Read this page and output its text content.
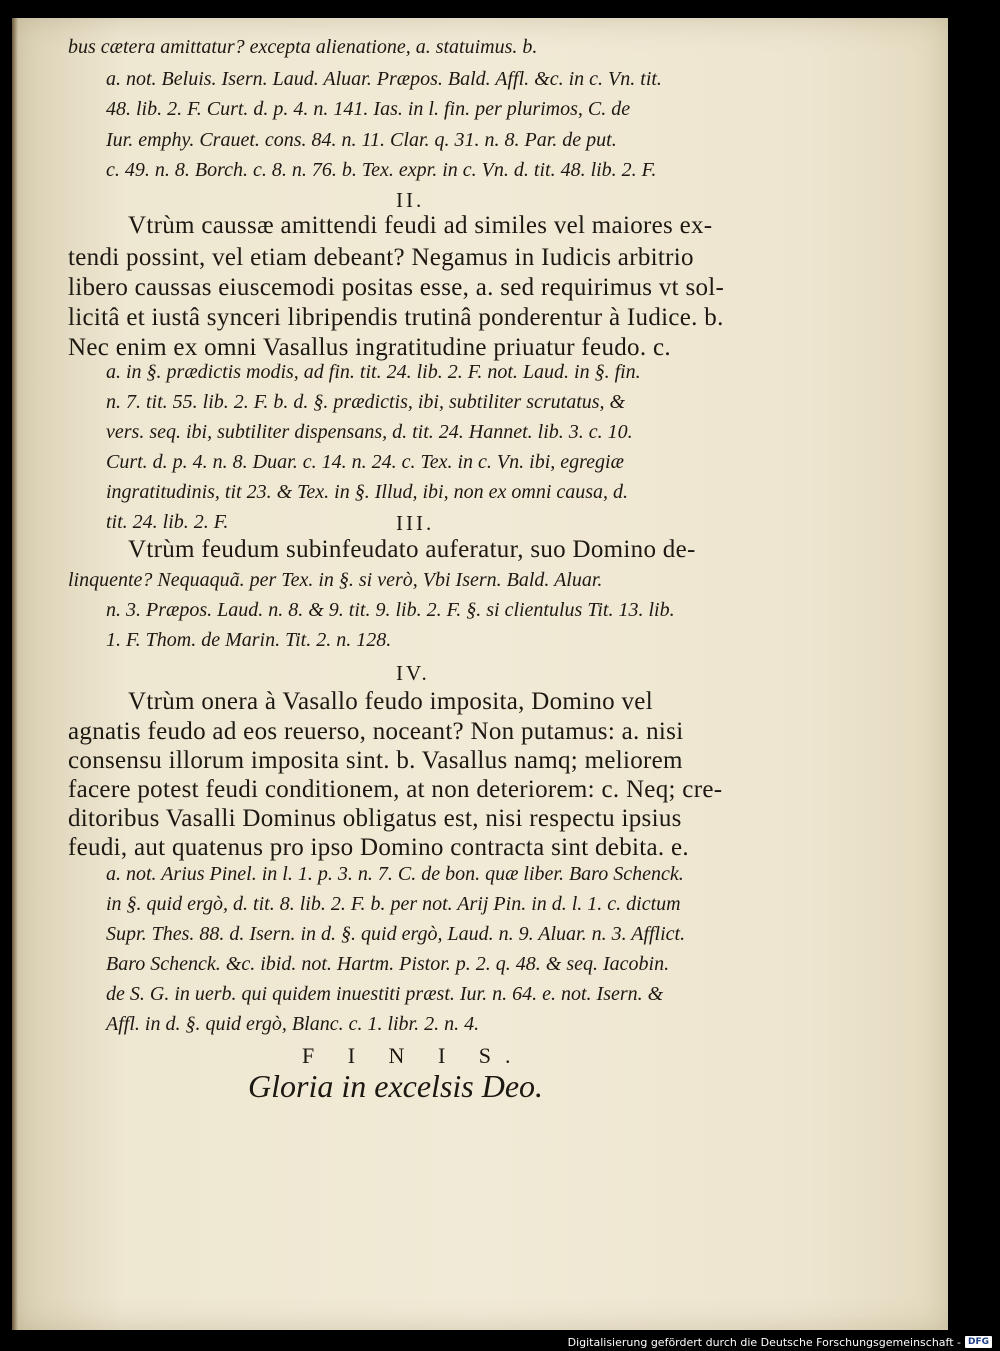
bus cætera amittatur? excepta alienatione, a. statuimus. b.
a. not. Beluis. Isern. Laud. Aluar. Præpos. Bald. Affl. &c. in c. Vn. tit.
48. lib. 2. F. Curt. d. p. 4. n. 141. Ias. in l. fin. per plurimos, C. de
Iur. emphy. Crauet. cons. 84. n. 11. Clar. q. 31. n. 8. Par. de put.
c. 49. n. 8. Borch. c. 8. n. 76. b. Tex. expr. in c. Vn. d. tit. 48. lib. 2. F.
II.
Vtrùm caussæ amittendi feudi ad similes vel maiores ex-
tendi possint, vel etiam debeant? Negamus in Iudicis arbitrio
libero caussas eiuscemodi positas esse, a. sed requirimus vt sol-
licitâ et iustâ synceri libripendis trutinâ ponderentur à Iudice. b.
Nec enim ex omni Vasallus ingratitudine priuatur feudo. c.
a. in §. prædictis modis, ad fin. tit. 24. lib. 2. F. not. Laud. in §. fin.
n. 7. tit. 55. lib. 2. F. b. d. §. prædictis, ibi, subtiliter scrutatus, &
vers. seq. ibi, subtiliter dispensans, d. tit. 24. Hannet. lib. 3. c. 10.
Curt. d. p. 4. n. 8. Duar. c. 14. n. 24. c. Tex. in c. Vn. ibi, egregiæ
ingratitudinis, tit 23. & Tex. in §. Illud, ibi, non ex omni causa, d.
tit. 24. lib. 2. F.	III.
Vtrùm feudum subinfeudato auferatur, suo Domino de-
linquente? Nequaquã. per Tex. in §. si verò, Vbi Isern. Bald. Aluar.
n. 3. Præpos. Laud. n. 8. & 9. tit. 9. lib. 2. F. §. si clientulus Tit. 13. lib.
1. F. Thom. de Marin. Tit. 2. n. 128.
IV.
Vtrùm onera à Vasallo feudo imposita, Domino vel
agnatis feudo ad eos reuerso, noceant? Non putamus: a. nisi
consensu illorum imposita sint. b. Vasallus namq; meliorem
facere potest feudi conditionem, at non deteriorem: c. Neq; cre-
ditoribus Vasalli Dominus obligatus est, nisi respectu ipsius
feudi, aut quatenus pro ipso Domino contracta sint debita. e.
a. not. Arius Pinel. in l. 1. p. 3. n. 7. C. de bon. quæ liber. Baro Schenck.
in §. quid ergò, d. tit. 8. lib. 2. F. b. per not. Arij Pin. in d. l. 1. c. dictum
Supr. Thes. 88. d. Isern. in d. §. quid ergò, Laud. n. 9. Aluar. n. 3. Afflict.
Baro Schenck. &c. ibid. not. Hartm. Pistor. p. 2. q. 48. & seq. Iacobin.
de S. G. in uerb. qui quidem inuestiti præst. Iur. n. 64. e. not. Isern. &
Affl. in d. §. quid ergò, Blanc. c. 1. libr. 2. n. 4.
F I N I S.
Gloria in excelsis Deo.
Digitalisierung gefördert durch die Deutsche Forschungsgemeinschaft - DFG
